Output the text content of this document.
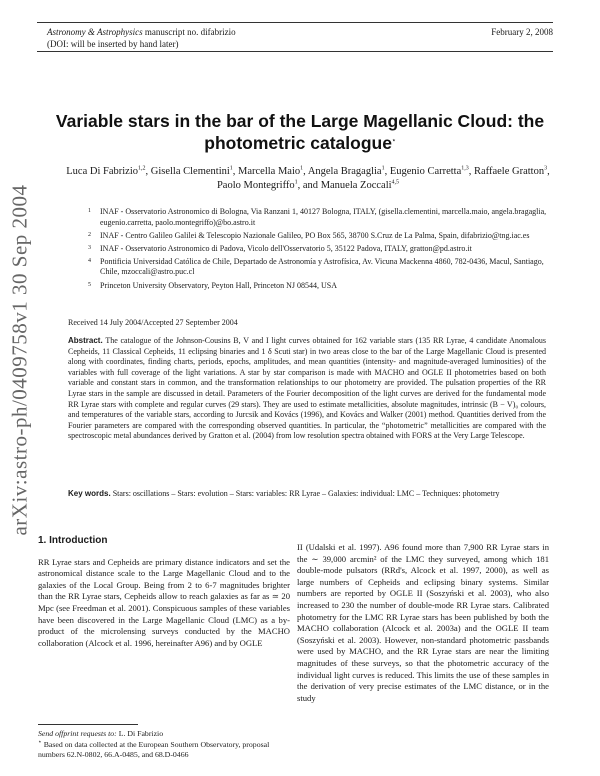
Astronomy & Astrophysics manuscript no. difabrizio
(DOI: will be inserted by hand later)
February 2, 2008
arXiv:astro-ph/0409758v1 30 Sep 2004
Variable stars in the bar of the Large Magellanic Cloud: the photometric catalogue⋆
Luca Di Fabrizio$^{1,2}$, Gisella Clementini$^1$, Marcella Maio$^1$, Angela Bragaglia$^1$, Eugenio Carretta$^{1,3}$, Raffaele Gratton$^3$, Paolo Montegriffo$^1$, and Manuela Zoccali$^{4,5}$
1 INAF - Osservatorio Astronomico di Bologna, Via Ranzani 1, 40127 Bologna, ITALY, (gisella.clementini, marcella.maio, angela.bragaglia, eugenio.carretta, paolo.montegriffo)@bo.astro.it
2 INAF - Centro Galileo Galilei & Telescopio Nazionale Galileo, PO Box 565, 38700 S.Cruz de La Palma, Spain, difabrizio@tng.iac.es
3 INAF - Osservatorio Astronomico di Padova, Vicolo dell'Osservatorio 5, 35122 Padova, ITALY, gratton@pd.astro.it
4 Pontificia Universidad Católica de Chile, Departado de Astronomía y Astrofísica, Av. Vicuna Mackenna 4860, 782-0436, Macul, Santiago, Chile, mzoccali@astro.puc.cl
5 Princeton University Observatory, Peyton Hall, Princeton NJ 08544, USA
Received 14 July 2004/Accepted 27 September 2004
Abstract. The catalogue of the Johnson-Cousins B, V and I light curves obtained for 162 variable stars (135 RR Lyrae, 4 candidate Anomalous Cepheids, 11 Classical Cepheids, 11 eclipsing binaries and 1 δ Scuti star) in two areas close to the bar of the Large Magellanic Cloud is presented along with coordinates, finding charts, periods, epochs, amplitudes, and mean quantities (intensity- and magnitude-averaged luminosities) of the variables with full coverage of the light variations. A star by star comparison is made with MACHO and OGLE II photometries based on both variable and constant stars in common, and the transformation relationships to our photometry are provided. The pulsation properties of the RR Lyrae stars in the sample are discussed in detail. Parameters of the Fourier decomposition of the light curves are derived for the fundamental mode RR Lyrae stars with complete and regular curves (29 stars). They are used to estimate metallicities, absolute magnitudes, intrinsic (B − V)₀ colours, and temperatures of the variable stars, according to Jurcsik and Kovács (1996), and Kovács and Walker (2001) method. Quantities derived from the Fourier parameters are compared with the corresponding observed quantities. In particular, the “photometric” metallicities are compared with the spectroscopic metal abundances derived by Gratton et al. (2004) from low resolution spectra obtained with FORS at the Very Large Telescope.
Key words. Stars: oscillations – Stars: evolution – Stars: variables: RR Lyrae – Galaxies: individual: LMC – Techniques: photometry
1. Introduction
RR Lyrae stars and Cepheids are primary distance indicators and set the astronomical distance scale to the Large Magellanic Cloud and to the galaxies of the Local Group. Being from 2 to 6-7 magnitudes brighter than the RR Lyrae stars, Cepheids allow to reach galaxies as far as ≃ 20 Mpc (see Freedman et al. 2001). Conspicuous samples of these variables have been discovered in the Large Magellanic Cloud (LMC) as a by-product of the microlensing surveys conducted by the MACHO collaboration (Alcock et al. 1996, hereinafter A96) and by OGLE
II (Udalski et al. 1997). A96 found more than 7,900 RR Lyrae stars in the ∼ 39,000 arcmin² of the LMC they surveyed, among which 181 double-mode pulsators (RRd's, Alcock et al. 1997, 2000), as well as large numbers of Cepheids and eclipsing binary systems. Similar numbers are reported by OGLE II (Soszyński et al. 2003), who also increased to 230 the number of double-mode RR Lyrae stars. Calibrated photometry for the LMC RR Lyrae stars has been published by both the MACHO collaboration (Alcock et al. 2003a) and the OGLE II team (Soszyński et al. 2003). However, non-standard photometric passbands were used by MACHO, and the RR Lyrae stars are near the limiting magnitudes of these surveys, so that the photometric accuracy of the individual light curves is reduced. This limits the use of these samples in the derivation of very precise estimates of the LMC distance, or in the study
Send offprint requests to: L. Di Fabrizio
⋆ Based on data collected at the European Southern Observatory, proposal numbers 62.N-0802, 66.A-0485, and 68.D-0466
